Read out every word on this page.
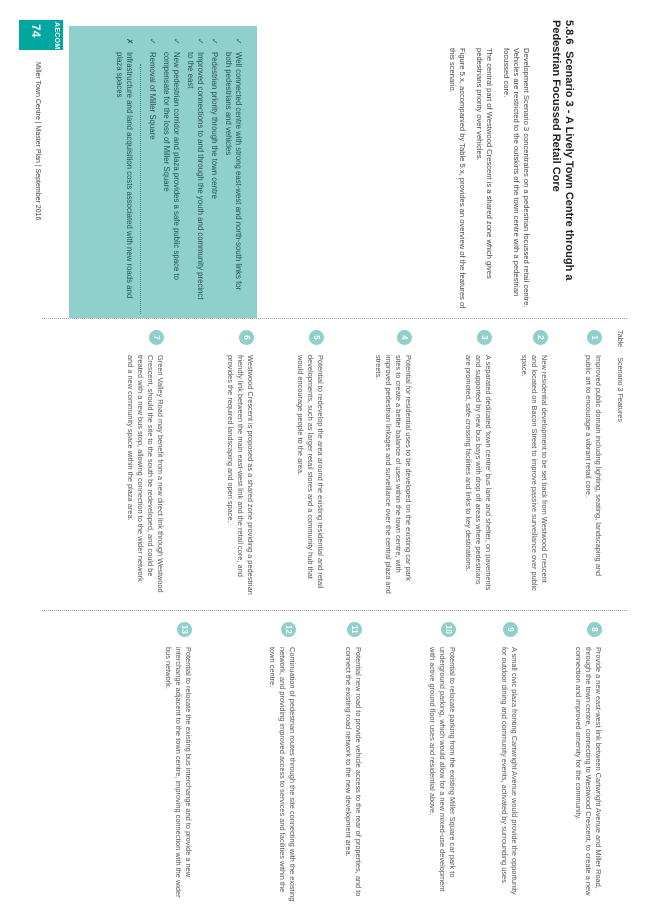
5.8.6 Scenario 3 - A Lively Town Centre through a Pedestrian Focussed Retail Core

Development Scenario 3 concentrates on a pedestrian focussed retail centre. Vehicles are restricted to the outskirts of the town centre with a pedestrian focussed core.

The central part of Westwood Crescent is a shared zone which gives pedestrians priority over vehicles.

Figure 5.x, accompanied by Table 5.x, provides an overview of the features of this scenario.

✓
Well connected centre with strong east-west and north-south links for both pedestrians and vehicles
✓
Pedestrian priority through the town centre
✓
Improved connections to and through the youth and community precinct to the east
✓
New pedestrian corridor and plaza provides a safe public space to compensate for the loss of Miller Square
✓
Removal of Miller Square
✗
Infrastructure and land acquisition costs associated with new roads and plaza spaces
AECOM
74
Miller Town Centre | Master Plan | September 2016
TableScenario 3 Features
1
Improved public domain including lighting, seating, landscaping and public art to encourage a vibrant retail core.
2
New residential development to be set back from Westwood Crescent and located on Bacon Street to improve passive surveillance over public space.
3
A separated dedicated 'town centre' bus lane and shelter, on pavements and supported by new bus bays with drop off areas where pedestrians are promoted, safe crossing facilities and links to key destinations.
4
Potential for residential uses to be developed on the existing car park sites to create a better balance of uses within the town centre, with improved pedestrian linkages and surveillance over the central plaza and streets.
5
Potential to redevelop the area around the existing residential and retail developments, such as larger retail stores and a community hub that would encourage people to the area.
6
Westwood Crescent is proposed as a shared zone providing a pedestrian friendly link between the main east-west link and the retail core, and provides the required landscaping and open space.
7
Green Valley Road may benefit from a new direct link through Westwood Crescent, should the site to the south be redeveloped, and could be treated with a new bus stop, allowing connection to the wider network and a new community space within the plaza area.
8
Provide a new east-west link between Cartwright Avenue and Miller Road, through the town centre, connecting to Westwood Crescent, to create a new connection and improved amenity for the community.
9
A small civic plaza fronting Cartwright Avenue would provide the opportunity for outdoor dining and community events, activated by surrounding uses.
10
Potential to relocate parking from the existing Miller Square car park to underground parking, which would allow for a new mixed-use development with active ground floor uses and residential above.
11
Potential new road to provide vehicle access to the rear of properties, and to connect the existing road network to the new development area.
12
Continuation of pedestrian routes through the site connecting with the existing network, and providing improved access to services and facilities within the town centre.
13
Potential to relocate the existing bus interchange and to provide a new interchange adjacent to the town centre, improving connection with the wider bus network.
